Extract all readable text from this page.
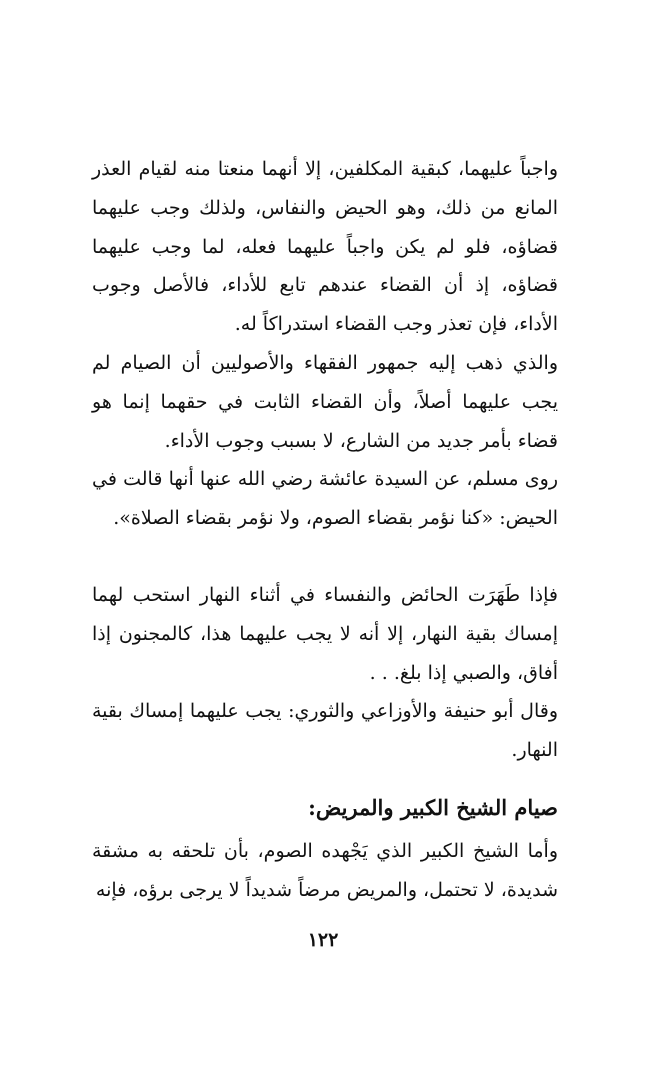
واجباً عليهما، كبقية المكلفين، إلا أنهما منعتا منه لقيام العذر المانع من ذلك، وهو الحيض والنفاس، ولذلك وجب عليهما قضاؤه، فلو لم يكن واجباً عليهما فعله، لما وجب عليهما قضاؤه، إذ أن القضاء عندهم تابع للأداء، فالأصل وجوب الأداء، فإن تعذر وجب القضاء استدراكاً له.

والذي ذهب إليه جمهور الفقهاء والأصوليين أن الصيام لم يجب عليهما أصلاً، وأن القضاء الثابت في حقهما إنما هو قضاء بأمر جديد من الشارع، لا بسبب وجوب الأداء.

روى مسلم، عن السيدة عائشة رضي الله عنها أنها قالت في الحيض: «كنا نؤمر بقضاء الصوم، ولا نؤمر بقضاء الصلاة».

فإذا طَهَرَت الحائض والنفساء في أثناء النهار استحب لهما إمساك بقية النهار، إلا أنه لا يجب عليهما هذا، كالمجنون إذا أفاق، والصبي إذا بلغ. . .

وقال أبو حنيفة والأوزاعي والثوري: يجب عليهما إمساك بقية النهار.

صيام الشيخ الكبير والمريض:

وأما الشيخ الكبير الذي يَجْهده الصوم، بأن تلحقه به مشقة شديدة، لا تحتمل، والمريض مرضاً شديداً لا يرجى برؤه، فإنه

١٢٢
